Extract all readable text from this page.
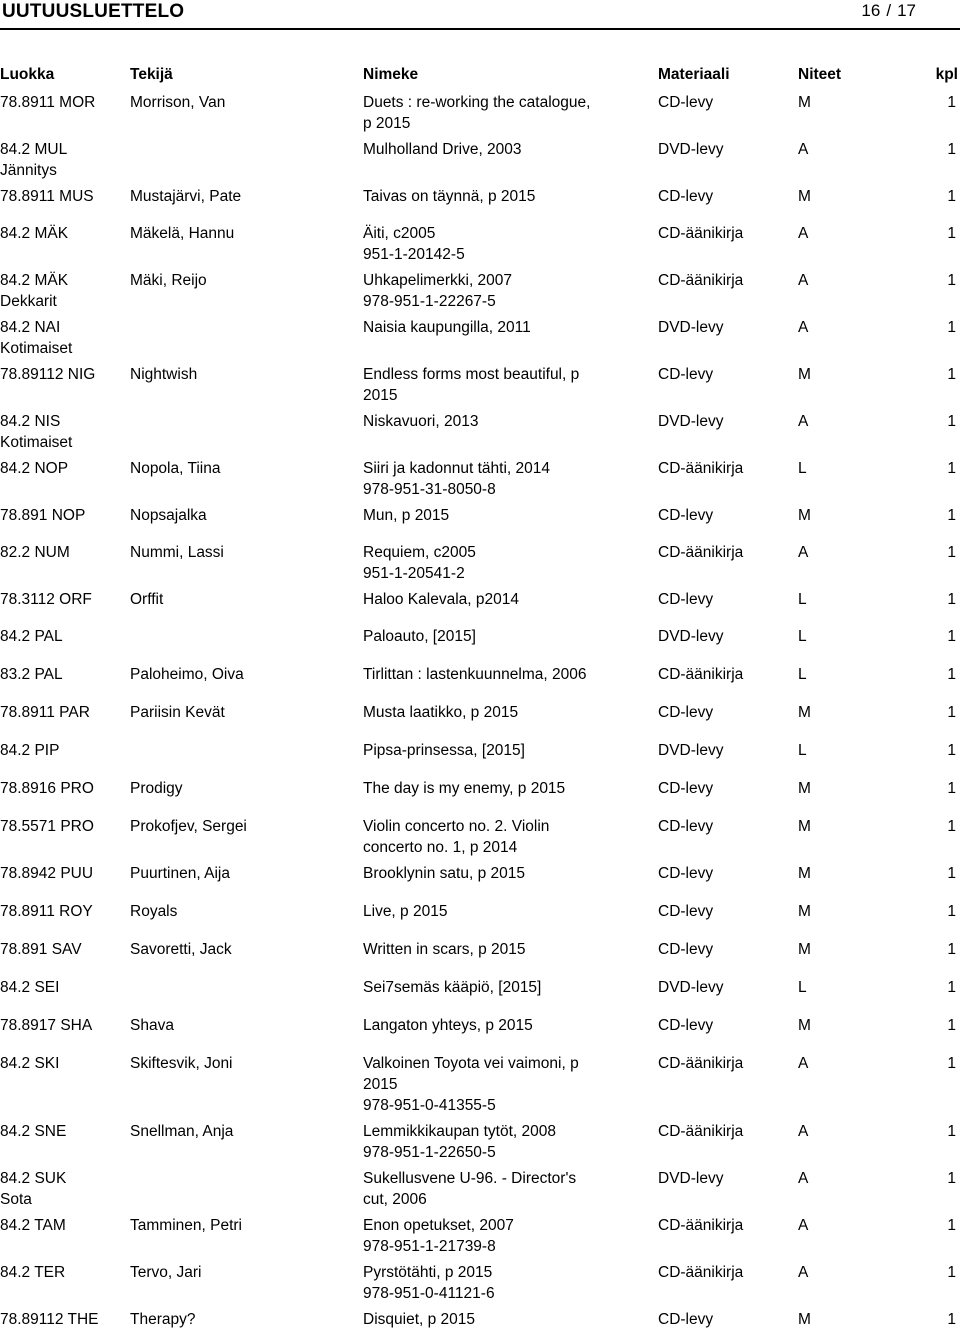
UUTUUSLUETTELO	16 / 17
Luokka	Tekijä	Nimeke	Materiaali	Niteet	kpl

78.8911 MOR	Morrison, Van	Duets : re-working the catalogue,
p 2015	CD-levy	M	1

84.2 MUL
Jännitys		Mulholland Drive, 2003	DVD-levy	A	1

78.8911 MUS	Mustajärvi, Pate	Taivas on täynnä, p 2015	CD-levy	M	1

84.2 MÄK	Mäkelä, Hannu	Äiti, c2005
951-1-20142-5	CD-äänikirja	A	1

84.2 MÄK
Dekkarit	Mäki, Reijo	Uhkapelimerkki, 2007
978-951-1-22267-5	CD-äänikirja	A	1

84.2 NAI
Kotimaiset		Naisia kaupungilla, 2011	DVD-levy	A	1

78.89112 NIG	Nightwish	Endless forms most beautiful, p
2015	CD-levy	M	1

84.2 NIS
Kotimaiset		Niskavuori, 2013	DVD-levy	A	1

84.2 NOP	Nopola, Tiina	Siiri ja kadonnut tähti, 2014
978-951-31-8050-8	CD-äänikirja	L	1

78.891 NOP	Nopsajalka	Mun, p 2015	CD-levy	M	1

82.2 NUM	Nummi, Lassi	Requiem, c2005
951-1-20541-2	CD-äänikirja	A	1

78.3112 ORF	Orffit	Haloo Kalevala, p2014	CD-levy	L	1

84.2 PAL		Paloauto, [2015]	DVD-levy	L	1

83.2 PAL	Paloheimo, Oiva	Tirlittan : lastenkuunnelma, 2006	CD-äänikirja	L	1

78.8911 PAR	Pariisin Kevät	Musta laatikko, p 2015	CD-levy	M	1

84.2 PIP		Pipsa-prinsessa, [2015]	DVD-levy	L	1

78.8916 PRO	Prodigy	The day is my enemy, p 2015	CD-levy	M	1

78.5571 PRO	Prokofjev, Sergei	Violin concerto no. 2. Violin
concerto no. 1, p 2014	CD-levy	M	1

78.8942 PUU	Puurtinen, Aija	Brooklynin satu, p 2015	CD-levy	M	1

78.8911 ROY	Royals	Live, p 2015	CD-levy	M	1

78.891 SAV	Savoretti, Jack	Written in scars, p 2015	CD-levy	M	1

84.2 SEI		Sei7semäs kääpiö, [2015]	DVD-levy	L	1

78.8917 SHA	Shava	Langaton yhteys, p 2015	CD-levy	M	1

84.2 SKI	Skiftesvik, Joni	Valkoinen Toyota vei vaimoni, p
2015
978-951-0-41355-5	CD-äänikirja	A	1

84.2 SNE	Snellman, Anja	Lemmikkikaupan tytöt, 2008
978-951-1-22650-5	CD-äänikirja	A	1

84.2 SUK
Sota		Sukellusvene U-96. - Director's
cut, 2006	DVD-levy	A	1

84.2 TAM	Tamminen, Petri	Enon opetukset, 2007
978-951-1-21739-8	CD-äänikirja	A	1

84.2 TER	Tervo, Jari	Pyrstötähti, p 2015
978-951-0-41121-6	CD-äänikirja	A	1

78.89112 THE	Therapy?	Disquiet, p 2015	CD-levy	M	1
